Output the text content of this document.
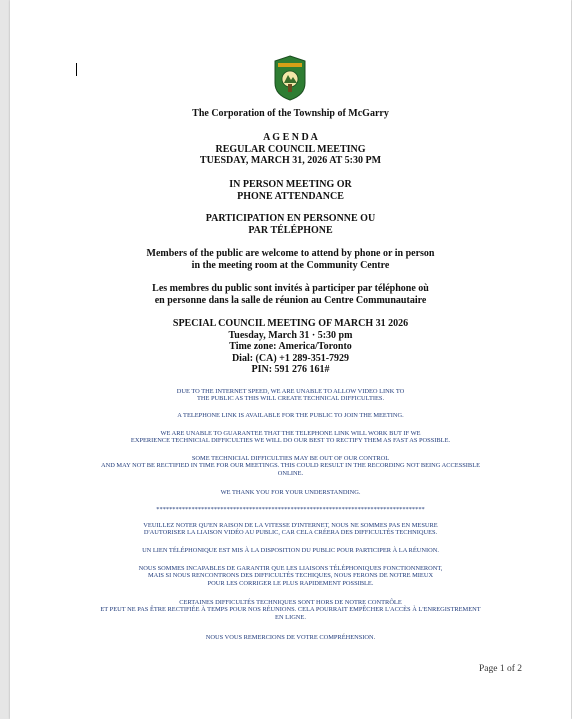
The Corporation of the Township of McGarry
A G E N D A
REGULAR COUNCIL MEETING
TUESDAY, MARCH 31, 2026 AT 5:30 PM
IN PERSON MEETING OR
PHONE ATTENDANCE
PARTICIPATION EN PERSONNE OU
PAR TÉLÉPHONE
Members of the public are welcome to attend by phone or in person
in the meeting room at the Community Centre
Les membres du public sont invités à participer par téléphone où
en personne dans la salle de réunion au Centre Communautaire
SPECIAL COUNCIL MEETING OF MARCH 31 2026
Tuesday, March 31 · 5:30 pm
Time zone: America/Toronto
Dial: (CA) +1 289-351-7929
PIN: 591 276 161#
DUE TO THE INTERNET SPEED, WE ARE UNABLE TO ALLOW VIDEO LINK TO
THE PUBLIC AS THIS WILL CREATE TECHNICAL DIFFICULTIES.
A TELEPHONE LINK IS AVAILABLE FOR THE PUBLIC TO JOIN THE MEETING.
WE ARE UNABLE TO GUARANTEE THAT THE TELEPHONE LINK WILL WORK BUT IF WE
EXPERIENCE TECHNICIAL DIFFICULTIES WE WILL DO OUR BEST TO RECTIFY THEM AS FAST AS POSSIBLE.
SOME TECHNICIAL DIFFICULTIES MAY BE OUT OF OUR CONTROL
AND MAY NOT BE RECTIFIED IN TIME FOR OUR MEETINGS. THIS COULD RESULT IN THE RECORDING NOT BEING ACCESSIBLE
ONLINE.
WE THANK YOU FOR YOUR UNDERSTANDING.
************************************************************************************
VEUILLEZ NOTER QU'EN RAISON DE LA VITESSE D'INTERNET, NOUS NE SOMMES PAS EN MESURE
D'AUTORISER LA LIAISON VIDÉO AU PUBLIC, CAR CELA CRÉERA DES DIFFICULTÉS TECHNIQUES.
UN LIEN TÉLÉPHONIQUE EST MIS À LA DISPOSITION DU PUBLIC POUR PARTICIPER À LA RÉUNION.
NOUS SOMMES INCAPABLES DE GARANTIR QUE LES LIAISONS TÉLÉPHONIQUES FONCTIONNERONT,
MAIS SI NOUS RENCONTRONS DES DIFFICULTÉS TECHIQUES, NOUS FERONS DE NOTRE MIEUX
POUR LES CORRIGER LE PLUS RAPIDEMENT POSSIBLE.
CERTAINES DIFFICULTÉS TECHNIQUES SONT HORS DE NOTRE CONTRÔLE
ET PEUT NE PAS ÊTRE RECTIFIÉE À TEMPS POUR NOS RÉUNIONS. CELA POURRAIT EMPÊCHER L'ACCÈS À L'ENREGISTREMENT
EN LIGNE.
NOUS VOUS REMERCIONS DE VOTRE COMPRÉHENSION.
Page 1 of 2
